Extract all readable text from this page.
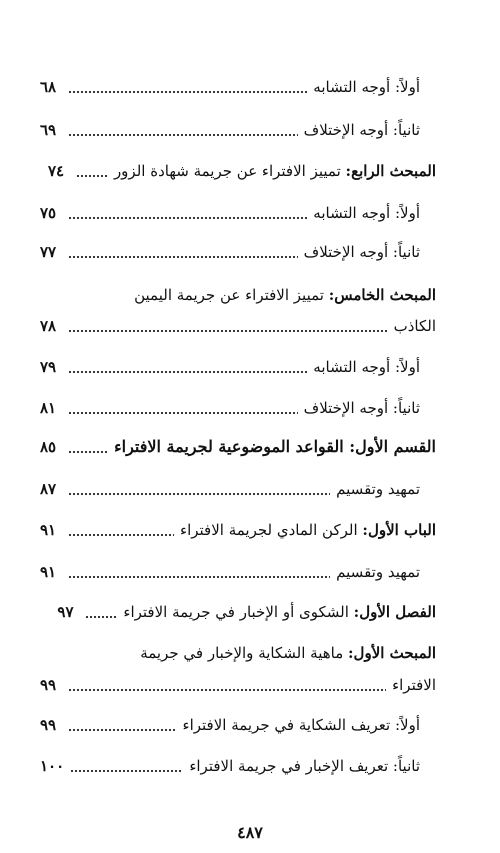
أولاً: أوجه التشابه
٦٨
ثانياً: أوجه الإختلاف
٦٩
المبحث الرابع: تمييز الافتراء عن جريمة شهادة الزور
٧٤
أولاً: أوجه التشابه
٧٥
ثانياً: أوجه الإختلاف
٧٧
المبحث الخامس: تمييز الافتراء عن جريمة اليمين
الكاذب
٧٨
أولاً: أوجه التشابه
٧٩
ثانياً: أوجه الإختلاف
٨١
القسم الأول: القواعد الموضوعية لجريمة الافتراء
٨٥
تمهيد وتقسيم
٨٧
الباب الأول: الركن المادي لجريمة الافتراء
٩١
تمهيد وتقسيم
٩١
الفصل الأول: الشكوى أو الإخبار في جريمة الافتراء
٩٧
المبحث الأول: ماهية الشكاية والإخبار في جريمة
الافتراء
٩٩
أولاً: تعريف الشكاية في جريمة الافتراء
٩٩
ثانياً: تعريف الإخبار في جريمة الافتراء
١٠٠
٤٨٧
